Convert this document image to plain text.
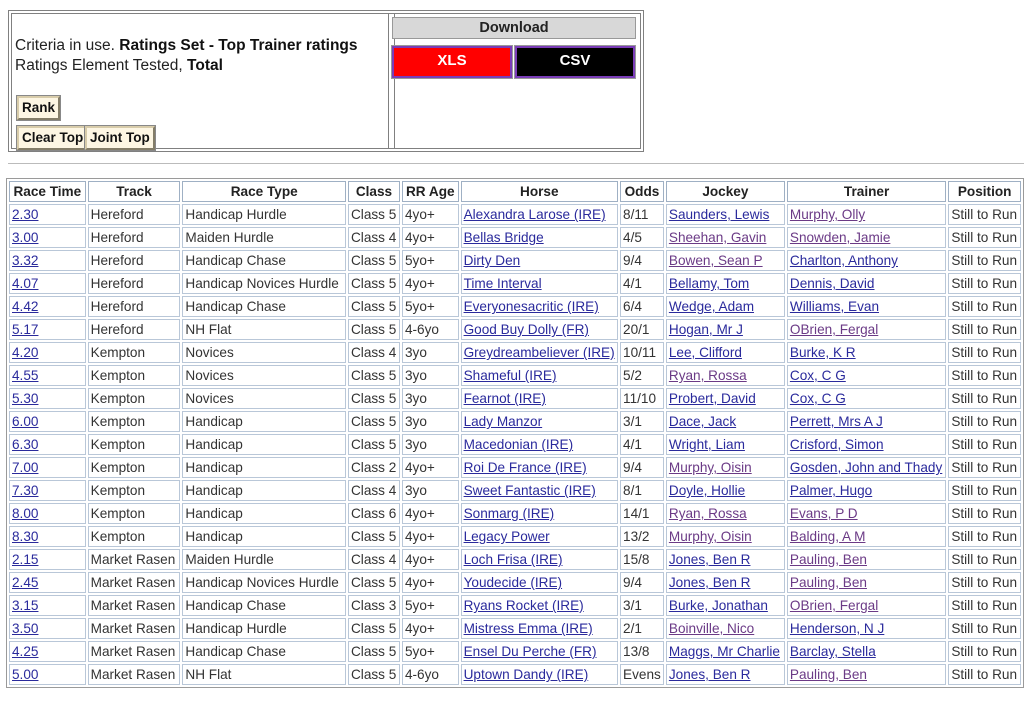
Criteria in use. Ratings Set - Top Trainer ratings
Ratings Element Tested, Total
Rank
Clear Top Joint Top
Download
XLS	CSV
Race Time	Track	Race Type	Class	RR Age	Horse	Odds	Jockey	Trainer	Position
2.30	Hereford	Handicap Hurdle	Class 5	4yo+	Alexandra Larose (IRE)	8/11	Saunders, Lewis	Murphy, Olly	Still to Run
3.00	Hereford	Maiden Hurdle	Class 4	4yo+	Bellas Bridge	4/5	Sheehan, Gavin	Snowden, Jamie	Still to Run
3.32	Hereford	Handicap Chase	Class 5	5yo+	Dirty Den	9/4	Bowen, Sean P	Charlton, Anthony	Still to Run
4.07	Hereford	Handicap Novices Hurdle	Class 5	4yo+	Time Interval	4/1	Bellamy, Tom	Dennis, David	Still to Run
4.42	Hereford	Handicap Chase	Class 5	5yo+	Everyonesacritic (IRE)	6/4	Wedge, Adam	Williams, Evan	Still to Run
5.17	Hereford	NH Flat	Class 5	4-6yo	Good Buy Dolly (FR)	20/1	Hogan, Mr J	OBrien, Fergal	Still to Run
4.20	Kempton	Novices	Class 4	3yo	Greydreambeliever (IRE)	10/11	Lee, Clifford	Burke, K R	Still to Run
4.55	Kempton	Novices	Class 5	3yo	Shameful (IRE)	5/2	Ryan, Rossa	Cox, C G	Still to Run
5.30	Kempton	Novices	Class 5	3yo	Fearnot (IRE)	11/10	Probert, David	Cox, C G	Still to Run
6.00	Kempton	Handicap	Class 5	3yo	Lady Manzor	3/1	Dace, Jack	Perrett, Mrs A J	Still to Run
6.30	Kempton	Handicap	Class 5	3yo	Macedonian (IRE)	4/1	Wright, Liam	Crisford, Simon	Still to Run
7.00	Kempton	Handicap	Class 2	4yo+	Roi De France (IRE)	9/4	Murphy, Oisin	Gosden, John and Thady	Still to Run
7.30	Kempton	Handicap	Class 4	3yo	Sweet Fantastic (IRE)	8/1	Doyle, Hollie	Palmer, Hugo	Still to Run
8.00	Kempton	Handicap	Class 6	4yo+	Sonmarg (IRE)	14/1	Ryan, Rossa	Evans, P D	Still to Run
8.30	Kempton	Handicap	Class 5	4yo+	Legacy Power	13/2	Murphy, Oisin	Balding, A M	Still to Run
2.15	Market Rasen	Maiden Hurdle	Class 4	4yo+	Loch Frisa (IRE)	15/8	Jones, Ben R	Pauling, Ben	Still to Run
2.45	Market Rasen	Handicap Novices Hurdle	Class 5	4yo+	Youdecide (IRE)	9/4	Jones, Ben R	Pauling, Ben	Still to Run
3.15	Market Rasen	Handicap Chase	Class 3	5yo+	Ryans Rocket (IRE)	3/1	Burke, Jonathan	OBrien, Fergal	Still to Run
3.50	Market Rasen	Handicap Hurdle	Class 5	4yo+	Mistress Emma (IRE)	2/1	Boinville, Nico	Henderson, N J	Still to Run
4.25	Market Rasen	Handicap Chase	Class 5	5yo+	Ensel Du Perche (FR)	13/8	Maggs, Mr Charlie	Barclay, Stella	Still to Run
5.00	Market Rasen	NH Flat	Class 5	4-6yo	Uptown Dandy (IRE)	Evens	Jones, Ben R	Pauling, Ben	Still to Run
